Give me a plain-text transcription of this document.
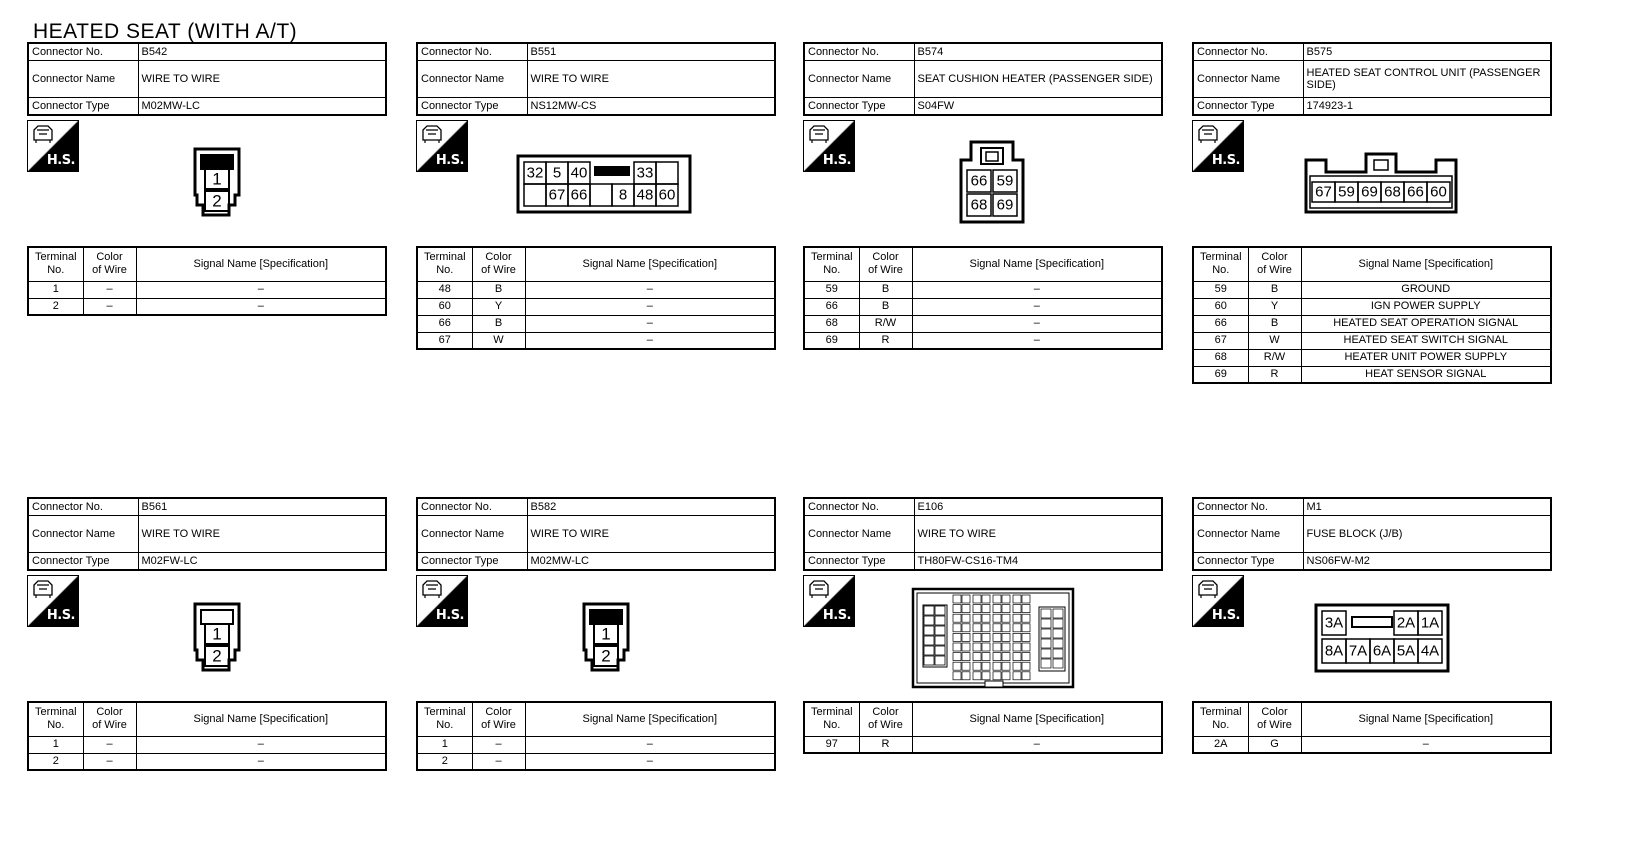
HEATED SEAT (WITH A/T)
Connector No.	B542
Connector Name	WIRE TO WIRE
Connector Type	M02MW-LC
H.S.
1
2
Terminal
No.	Color
of Wire	Signal Name [Specification]
1	–	–
2	–	–
Connector No.	B551
Connector Name	WIRE TO WIRE
Connector Type	NS12MW-CS
H.S.
32 5 40	33
67 66 8 48 60
Terminal
No.	Color
of Wire	Signal Name [Specification]
48	B	–
60	Y	–
66	B	–
67	W	–
Connector No.	B574
Connector Name	SEAT CUSHION HEATER (PASSENGER SIDE)
Connector Type	S04FW
H.S.
66 59
68 69
Terminal
No.	Color
of Wire	Signal Name [Specification]
59	B	–
66	B	–
68	R/W	–
69	R	–
Connector No.	B575
Connector Name	HEATED SEAT CONTROL UNIT (PASSENGER SIDE)
Connector Type	174923-1
H.S.
67 59 69 68 66 60
Terminal
No.	Color
of Wire	Signal Name [Specification]
59	B	GROUND
60	Y	IGN POWER SUPPLY
66	B	HEATED SEAT OPERATION SIGNAL
67	W	HEATED SEAT SWITCH SIGNAL
68	R/W	HEATER UNIT POWER SUPPLY
69	R	HEAT SENSOR SIGNAL
Connector No.	B561
Connector Name	WIRE TO WIRE
Connector Type	M02FW-LC
H.S.
1
2
Terminal
No.	Color
of Wire	Signal Name [Specification]
1	–	–
2	–	–
Connector No.	B582
Connector Name	WIRE TO WIRE
Connector Type	M02MW-LC
H.S.
1
2
Terminal
No.	Color
of Wire	Signal Name [Specification]
1	–	–
2	–	–
Connector No.	E106
Connector Name	WIRE TO WIRE
Connector Type	TH80FW-CS16-TM4
H.S.
Terminal
No.	Color
of Wire	Signal Name [Specification]
97	R	–
Connector No.	M1
Connector Name	FUSE BLOCK (J/B)
Connector Type	NS06FW-M2
H.S.	3A	2A 1A
8A 7A 6A 5A 4A
Terminal
No.	Color
of Wire	Signal Name [Specification]
2A	G	–
